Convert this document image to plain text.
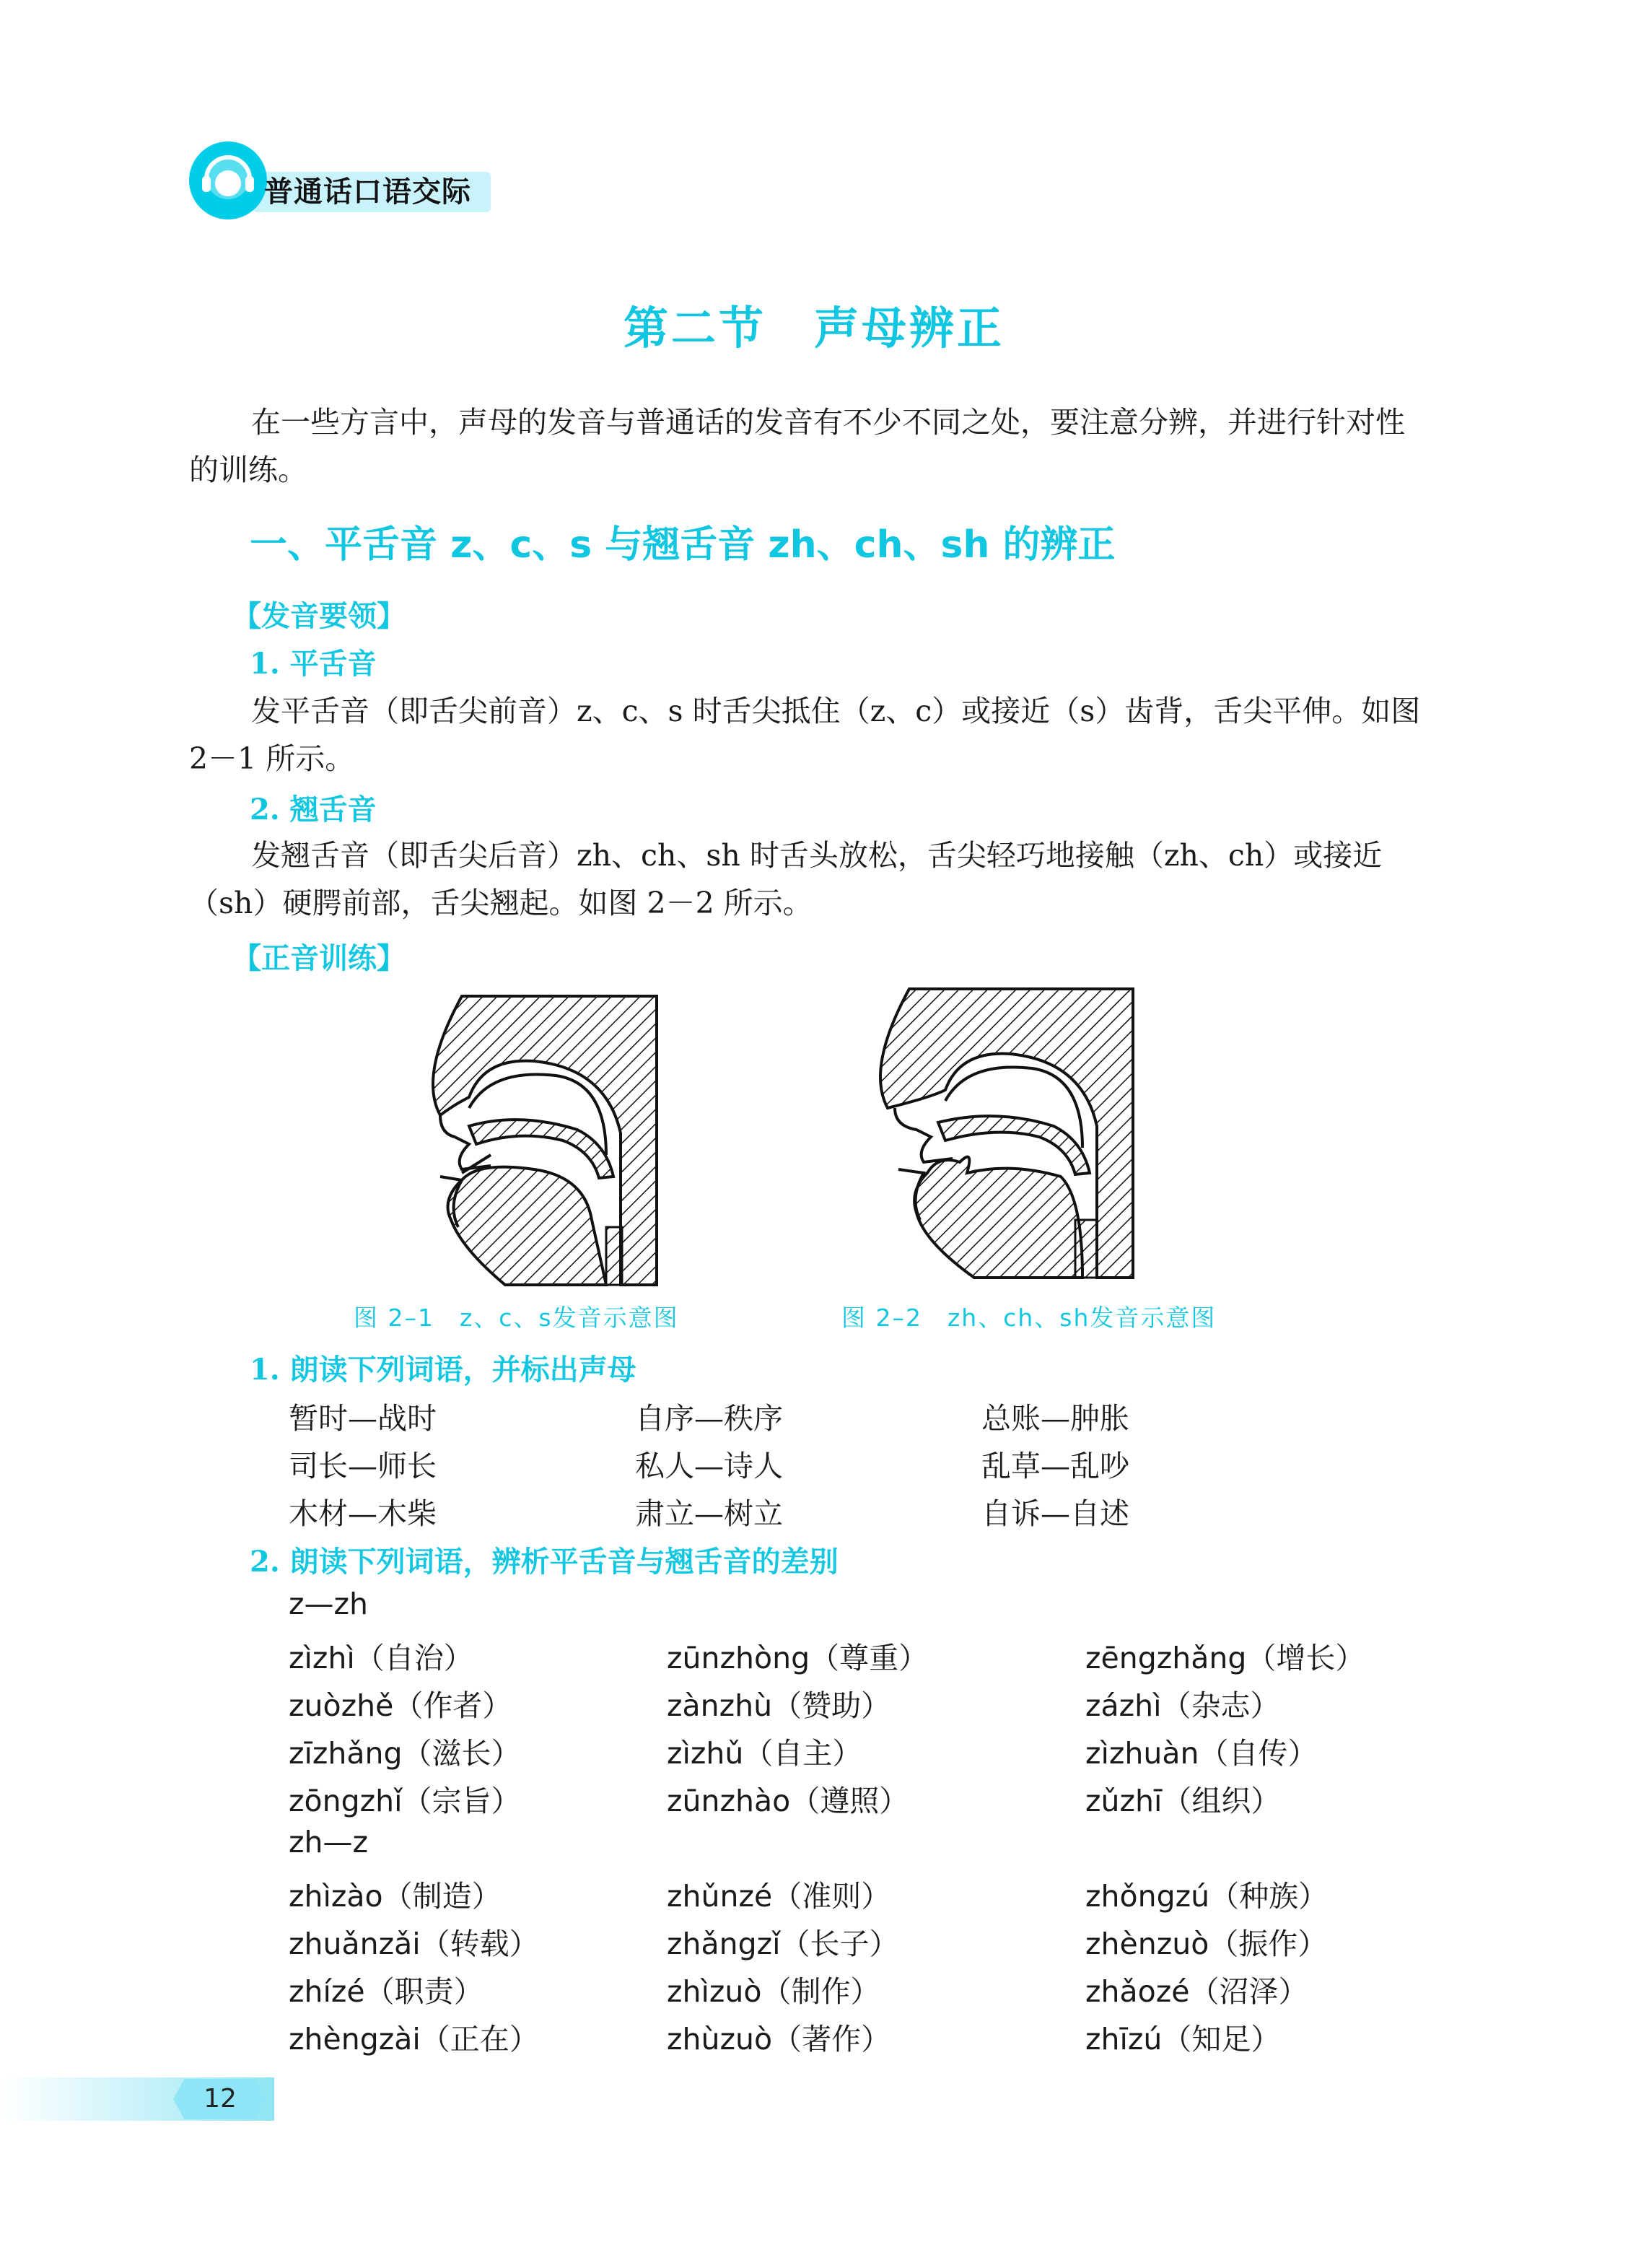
普通话口语交际
第二节　声母辨正
在一些方言中，声母的发音与普通话的发音有不少不同之处，要注意分辨，并进行针对性的训练。
一、平舌音 z、c、s 与翘舌音 zh、ch、sh 的辨正
【发音要领】
1. 平舌音
发平舌音（即舌尖前音）z、c、s 时舌尖抵住（z、c）或接近（s）齿背，舌尖平伸。如图 2－1 所示。
2. 翘舌音
发翘舌音（即舌尖后音）zh、ch、sh 时舌头放松，舌尖轻巧地接触（zh、ch）或接近（sh）硬腭前部，舌尖翘起。如图 2－2 所示。
【正音训练】
图 2–1　z、c、s发音示意图	图 2–2　zh、ch、sh发音示意图
1. 朗读下列词语，并标出声母
暂时—战时	自序—秩序	总账—肿胀
司长—师长	私人—诗人	乱草—乱吵
木材—木柴	肃立—树立	自诉—自述
2. 朗读下列词语，辨析平舌音与翘舌音的差别
z—zh
zìzhì（自治）	zūnzhòng（尊重）	zēngzhǎng（增长）
zuòzhě（作者）	zànzhù（赞助）	zázhì（杂志）
zīzhǎng（滋长）	zìzhǔ（自主）	zìzhuàn（自传）
zōngzhǐ（宗旨）	zūnzhào（遵照）	zǔzhī（组织）
zh—z
zhìzào（制造）	zhǔnzé（准则）	zhǒngzú（种族）
zhuǎnzǎi（转载）	zhǎngzǐ（长子）	zhènzuò（振作）
zhízé（职责）	zhìzuò（制作）	zhǎozé（沼泽）
zhèngzài（正在）	zhùzuò（著作）	zhīzú（知足）
12
